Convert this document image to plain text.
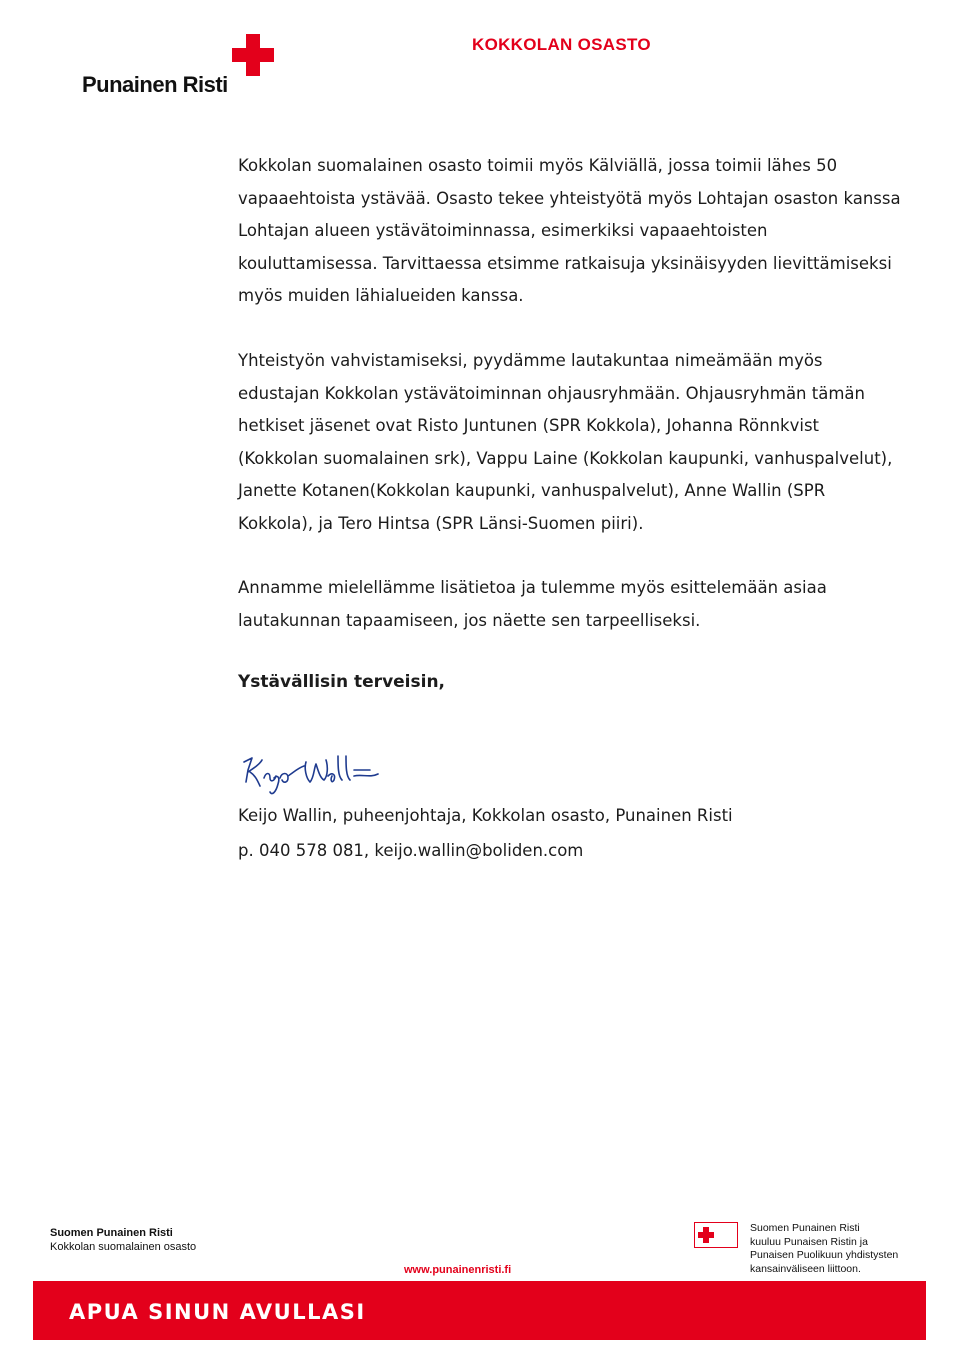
Punainen Risti
KOKKOLAN OSASTO
Kokkolan suomalainen osasto toimii myös Kälviällä, jossa toimii lähes 50 vapaaehtoista ystävää. Osasto tekee yhteistyötä myös Lohtajan osaston kanssa Lohtajan alueen ystävätoiminnassa, esimerkiksi vapaaehtoisten kouluttamisessa. Tarvittaessa etsimme ratkaisuja yksinäisyyden lievittämiseksi myös muiden lähialueiden kanssa.
Yhteistyön vahvistamiseksi, pyydämme lautakuntaa nimeämään myös edustajan Kokkolan ystävätoiminnan ohjausryhmään. Ohjausryhmän tämän hetkiset jäsenet ovat Risto Juntunen (SPR Kokkola), Johanna Rönnkvist (Kokkolan suomalainen srk), Vappu Laine (Kokkolan kaupunki, vanhuspalvelut), Janette Kotanen(Kokkolan kaupunki, vanhuspalvelut), Anne Wallin (SPR Kokkola), ja Tero Hintsa (SPR Länsi-Suomen piiri).
Annamme mielellämme lisätietoa ja tulemme myös esittelemään asiaa lautakunnan tapaamiseen, jos näette sen tarpeelliseksi.
Ystävällisin terveisin,
Keijo Wallin, puheenjohtaja, Kokkolan osasto, Punainen Risti
p. 040 578 081, keijo.wallin@boliden.com
Suomen Punainen Risti
Kokkolan suomalainen osasto
www.punainenristi.fi
Suomen Punainen Risti
kuuluu Punaisen Ristin ja
Punaisen Puolikuun yhdistysten
kansainväliseen liittoon.
APUA SINUN AVULLASI
